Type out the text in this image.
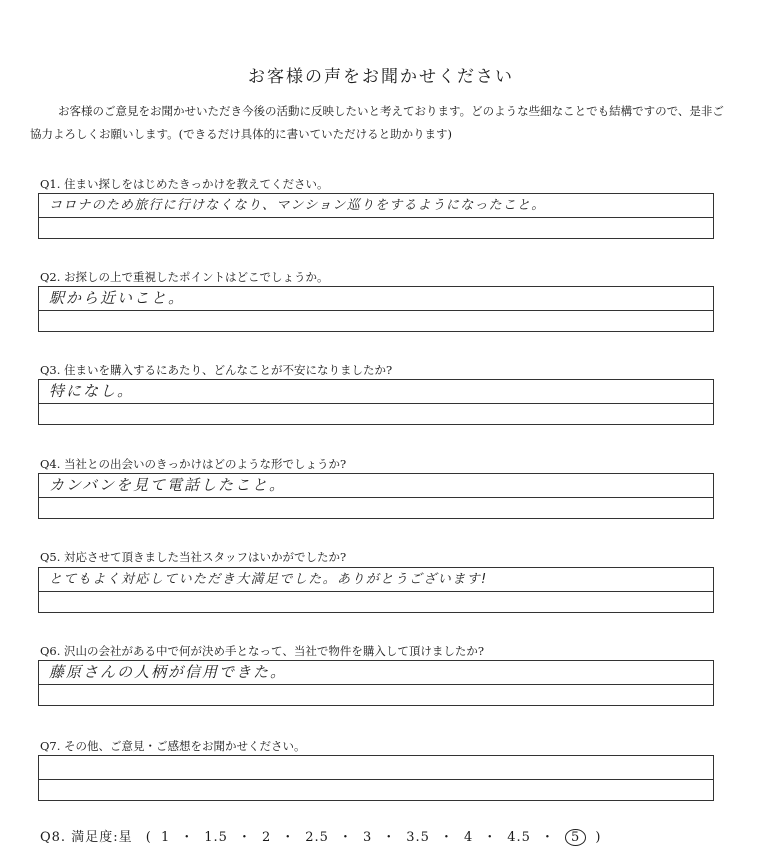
お客様の声をお聞かせください
お客様のご意見をお聞かせいただき今後の活動に反映したいと考えております。どのような些細なことでも結構ですので、是非ご協力よろしくお願いします。(できるだけ具体的に書いていただけると助かります)
Q1. 住まい探しをはじめたきっかけを教えてください。
コロナのため旅行に行けなくなり、マンション巡りをするようになったこと。
Q2. お探しの上で重視したポイントはどこでしょうか。
駅から近いこと。
Q3. 住まいを購入するにあたり、どんなことが不安になりましたか?
特になし。
Q4. 当社との出会いのきっかけはどのような形でしょうか?
カンバンを見て電話したこと。
Q5. 対応させて頂きました当社スタッフはいかがでしたか?
とてもよく対応していただき大満足でした。ありがとうございます!
Q6. 沢山の会社がある中で何が決め手となって、当社で物件を購入して頂けましたか?
藤原さんの人柄が信用できた。
Q7. その他、ご意見・ご感想をお聞かせください。
Q8. 満足度:星 ( 1 ・ 1.5 ・ 2 ・ 2.5 ・ 3 ・ 3.5 ・ 4 ・ 4.5 ・ 5 )
